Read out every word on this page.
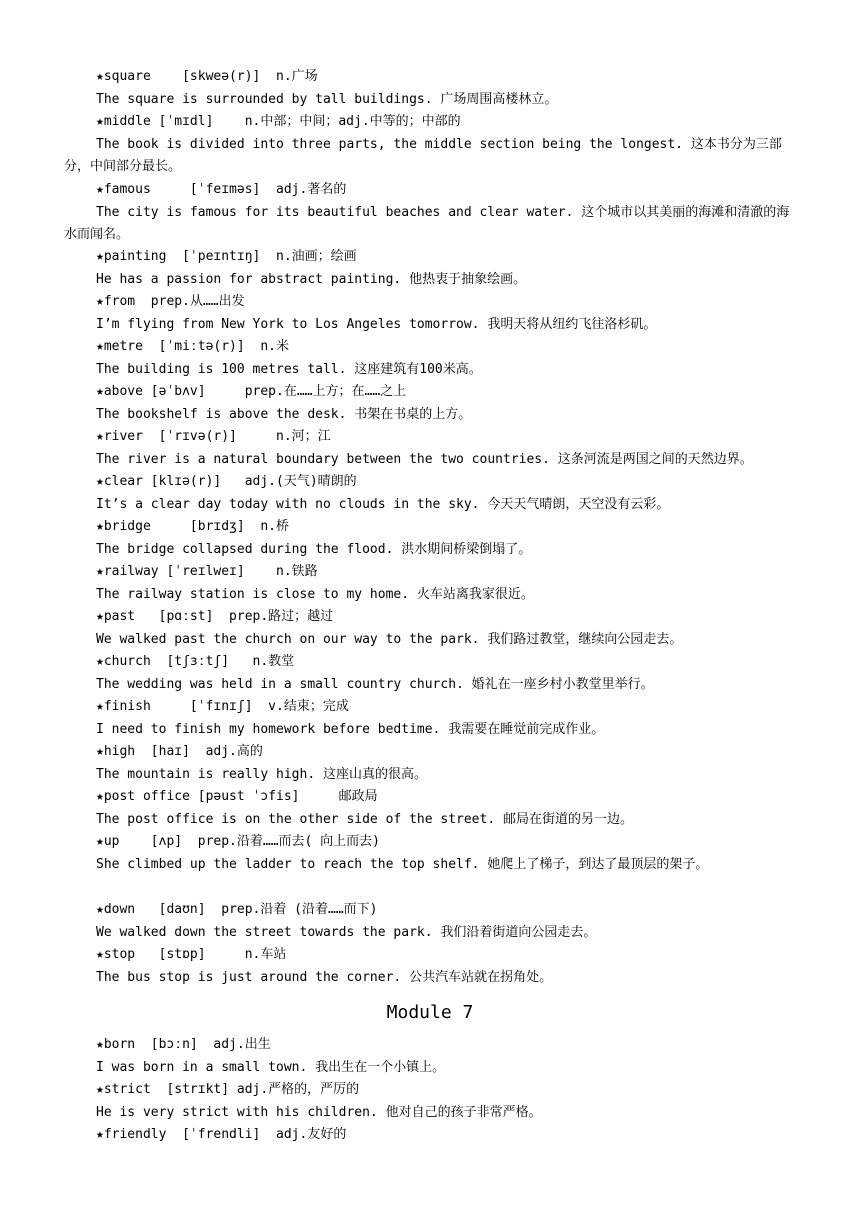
★square    [skweə(r)]  n.广场
The square is surrounded by tall buildings. 广场周围高楼林立。
★middle [ˈmɪdl]    n.中部；中间；adj.中等的；中部的
The book is divided into three parts, the middle section being the longest. 这本书分为三部分，中间部分最长。
★famous     [ˈfeɪməs]  adj.著名的
The city is famous for its beautiful beaches and clear water. 这个城市以其美丽的海滩和清澈的海水而闻名。
★painting  [ˈpeɪntɪŋ]  n.油画；绘画
He has a passion for abstract painting. 他热衷于抽象绘画。
★from  prep.从……出发
I’m flying from New York to Los Angeles tomorrow. 我明天将从纽约飞往洛杉矶。
★metre  [ˈmiːtə(r)]  n.米
The building is 100 metres tall. 这座建筑有100米高。
★above [əˈbʌv]     prep.在……上方；在……之上
The bookshelf is above the desk. 书架在书桌的上方。
★river  [ˈrɪvə(r)]     n.河；江
The river is a natural boundary between the two countries. 这条河流是两国之间的天然边界。
★clear [klɪə(r)]   adj.(天气)晴朗的
It’s a clear day today with no clouds in the sky. 今天天气晴朗，天空没有云彩。
★bridge     [brɪdʒ]  n.桥
The bridge collapsed during the flood. 洪水期间桥梁倒塌了。
★railway [ˈreɪlweɪ]    n.铁路
The railway station is close to my home. 火车站离我家很近。
★past   [pɑːst]  prep.路过；越过
We walked past the church on our way to the park. 我们路过教堂，继续向公园走去。
★church  [tʃɜːtʃ]   n.教堂
The wedding was held in a small country church. 婚礼在一座乡村小教堂里举行。
★finish     [ˈfɪnɪʃ]  v.结束；完成
I need to finish my homework before bedtime. 我需要在睡觉前完成作业。
★high  [haɪ]  adj.高的
The mountain is really high. 这座山真的很高。
★post office [pəust ˈɔfis]     邮政局
The post office is on the other side of the street. 邮局在街道的另一边。
★up    [ʌp]  prep.沿着……而去( 向上而去)
She climbed up the ladder to reach the top shelf. 她爬上了梯子，到达了最顶层的架子。
★down   [daʊn]  prep.沿着 (沿着……而下)
We walked down the street towards the park. 我们沿着街道向公园走去。
★stop   [stɒp]     n.车站
The bus stop is just around the corner. 公共汽车站就在拐角处。
Module 7
★born  [bɔːn]  adj.出生
I was born in a small town. 我出生在一个小镇上。
★strict  [strɪkt] adj.严格的，严厉的
He is very strict with his children. 他对自己的孩子非常严格。
★friendly  [ˈfrendli]  adj.友好的
